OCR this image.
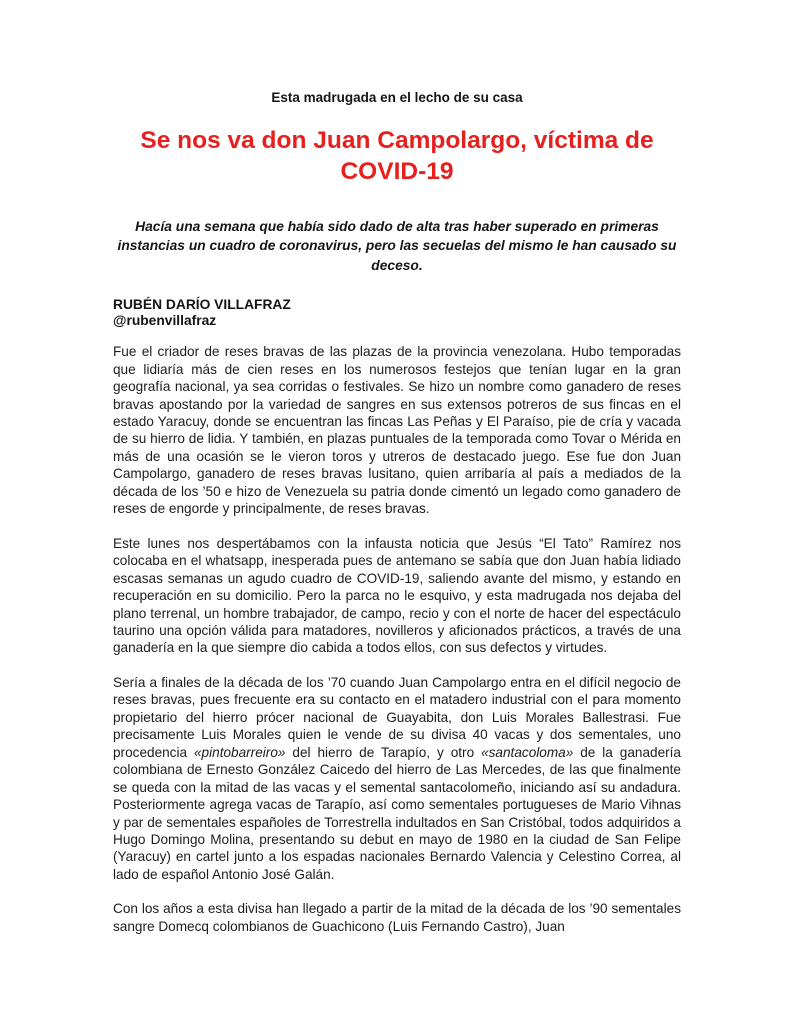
Esta madrugada en el lecho de su casa
Se nos va don Juan Campolargo, víctima de COVID-19
Hacía una semana que había sido dado de alta tras haber superado en primeras instancias un cuadro de coronavirus, pero las secuelas del mismo le han causado su deceso.
RUBÉN DARÍO VILLAFRAZ
@rubenvillafraz

Fue el criador de reses bravas de las plazas de la provincia venezolana. Hubo temporadas que lidiaría más de cien reses en los numerosos festejos que tenían lugar en la gran geografía nacional, ya sea corridas o festivales. Se hizo un nombre como ganadero de reses bravas apostando por la variedad de sangres en sus extensos potreros de sus fincas en el estado Yaracuy, donde se encuentran las fincas Las Peñas y El Paraíso, pie de cría y vacada de su hierro de lidia. Y también, en plazas puntuales de la temporada como Tovar o Mérida en más de una ocasión se le vieron toros y utreros de destacado juego. Ese fue don Juan Campolargo, ganadero de reses bravas lusitano, quien arribaría al país a mediados de la década de los ’50 e hizo de Venezuela su patria donde cimentó un legado como ganadero de reses de engorde y principalmente, de reses bravas.

Este lunes nos despertábamos con la infausta noticia que Jesús “El Tato” Ramírez nos colocaba en el whatsapp, inesperada pues de antemano se sabía que don Juan había lidiado escasas semanas un agudo cuadro de COVID-19, saliendo avante del mismo, y estando en recuperación en su domicilio. Pero la parca no le esquivo, y esta madrugada nos dejaba del plano terrenal, un hombre trabajador, de campo, recio y con el norte de hacer del espectáculo taurino una opción válida para matadores, novilleros y aficionados prácticos, a través de una ganadería en la que siempre dio cabida a todos ellos, con sus defectos y virtudes.

Sería a finales de la década de los ’70 cuando Juan Campolargo entra en el difícil negocio de reses bravas, pues frecuente era su contacto en el matadero industrial con el para momento propietario del hierro prócer nacional de Guayabita, don Luis Morales Ballestrasi. Fue precisamente Luis Morales quien le vende de su divisa 40 vacas y dos sementales, uno procedencia «pintobarreiro» del hierro de Tarapío, y otro «santacoloma» de la ganadería colombiana de Ernesto González Caicedo del hierro de Las Mercedes, de las que finalmente se queda con la mitad de las vacas y el semental santacolomeño, iniciando así su andadura. Posteriormente agrega vacas de Tarapío, así como sementales portugueses de Mario Vihnas y par de sementales españoles de Torrestrella indultados en San Cristóbal, todos adquiridos a Hugo Domingo Molina, presentando su debut en mayo de 1980 en la ciudad de San Felipe (Yaracuy) en cartel junto a los espadas nacionales Bernardo Valencia y Celestino Correa, al lado de español Antonio José Galán.

Con los años a esta divisa han llegado a partir de la mitad de la década de los ’90 sementales sangre Domecq colombianos de Guachicono (Luis Fernando Castro), Juan
